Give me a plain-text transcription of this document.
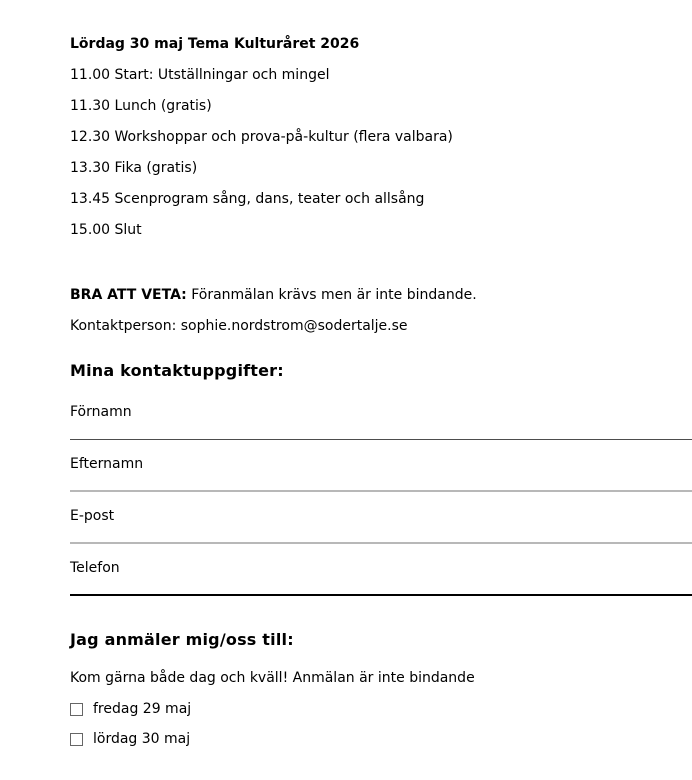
Lördag 30 maj Tema Kulturåret 2026

11.00 Start: Utställningar och mingel

11.30 Lunch (gratis)

12.30 Workshoppar och prova-på-kultur (flera valbara)

13.30 Fika (gratis)

13.45 Scenprogram sång, dans, teater och allsång

15.00 Slut

BRA ATT VETA: Föranmälan krävs men är inte bindande.

Kontaktperson: sophie.nordstrom@sodertalje.se

Mina kontaktuppgifter:
Förnamn
Efternamn
E-post
Telefon
Jag anmäler mig/oss till:

Kom gärna både dag och kväll! Anmälan är inte bindande

fredag 29 maj
lördag 30 maj
